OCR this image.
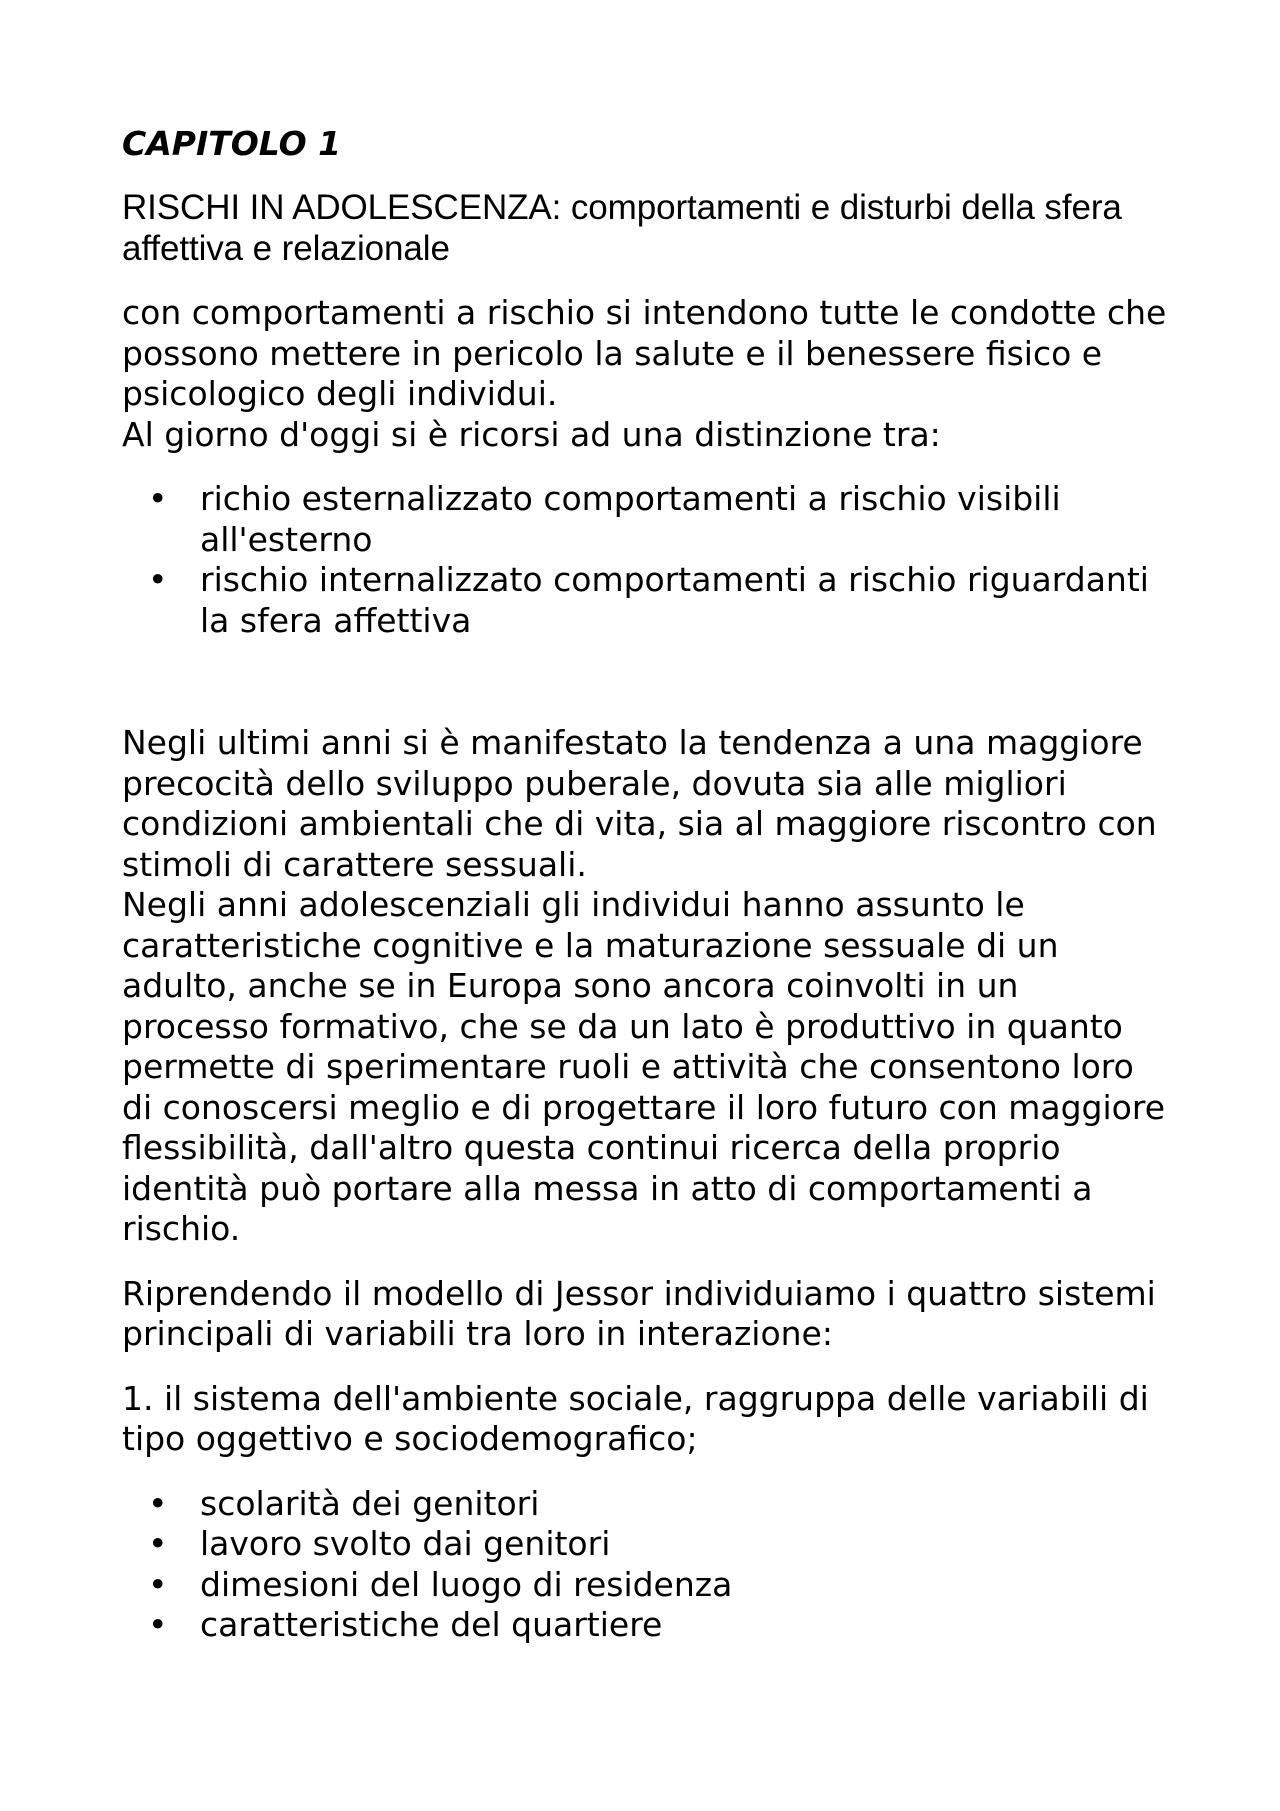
CAPITOLO 1
RISCHI IN ADOLESCENZA: comportamenti e disturbi della sfera affettiva e relazionale

con comportamenti a rischio si intendono tutte le condotte che possono mettere in pericolo la salute e il benessere fisico e psicologico degli individui.

Al giorno d'oggi si è ricorsi ad una distinzione tra:

• richio esternalizzato comportamenti a rischio visibili all'esterno
• rischio internalizzato comportamenti a rischio riguardanti la sfera affettiva

Negli ultimi anni si è manifestato la tendenza a una maggiore precocità dello sviluppo puberale, dovuta sia alle migliori condizioni ambientali che di vita, sia al maggiore riscontro con stimoli di carattere sessuali.

Negli anni adolescenziali gli individui hanno assunto le caratteristiche cognitive e la maturazione sessuale di un adulto, anche se in Europa sono ancora coinvolti in un processo formativo, che se da un lato è produttivo in quanto permette di sperimentare ruoli e attività che consentono loro di conoscersi meglio e di progettare il loro futuro con maggiore flessibilità, dall'altro questa continui ricerca della proprio identità può portare alla messa in atto di comportamenti a rischio.

Riprendendo il modello di Jessor individuiamo i quattro sistemi principali di variabili tra loro in interazione:

1. il sistema dell'ambiente sociale, raggruppa delle variabili di tipo oggettivo e sociodemografico;

• scolarità dei genitori
• lavoro svolto dai genitori
• dimesioni del luogo di residenza
• caratteristiche del quartiere
